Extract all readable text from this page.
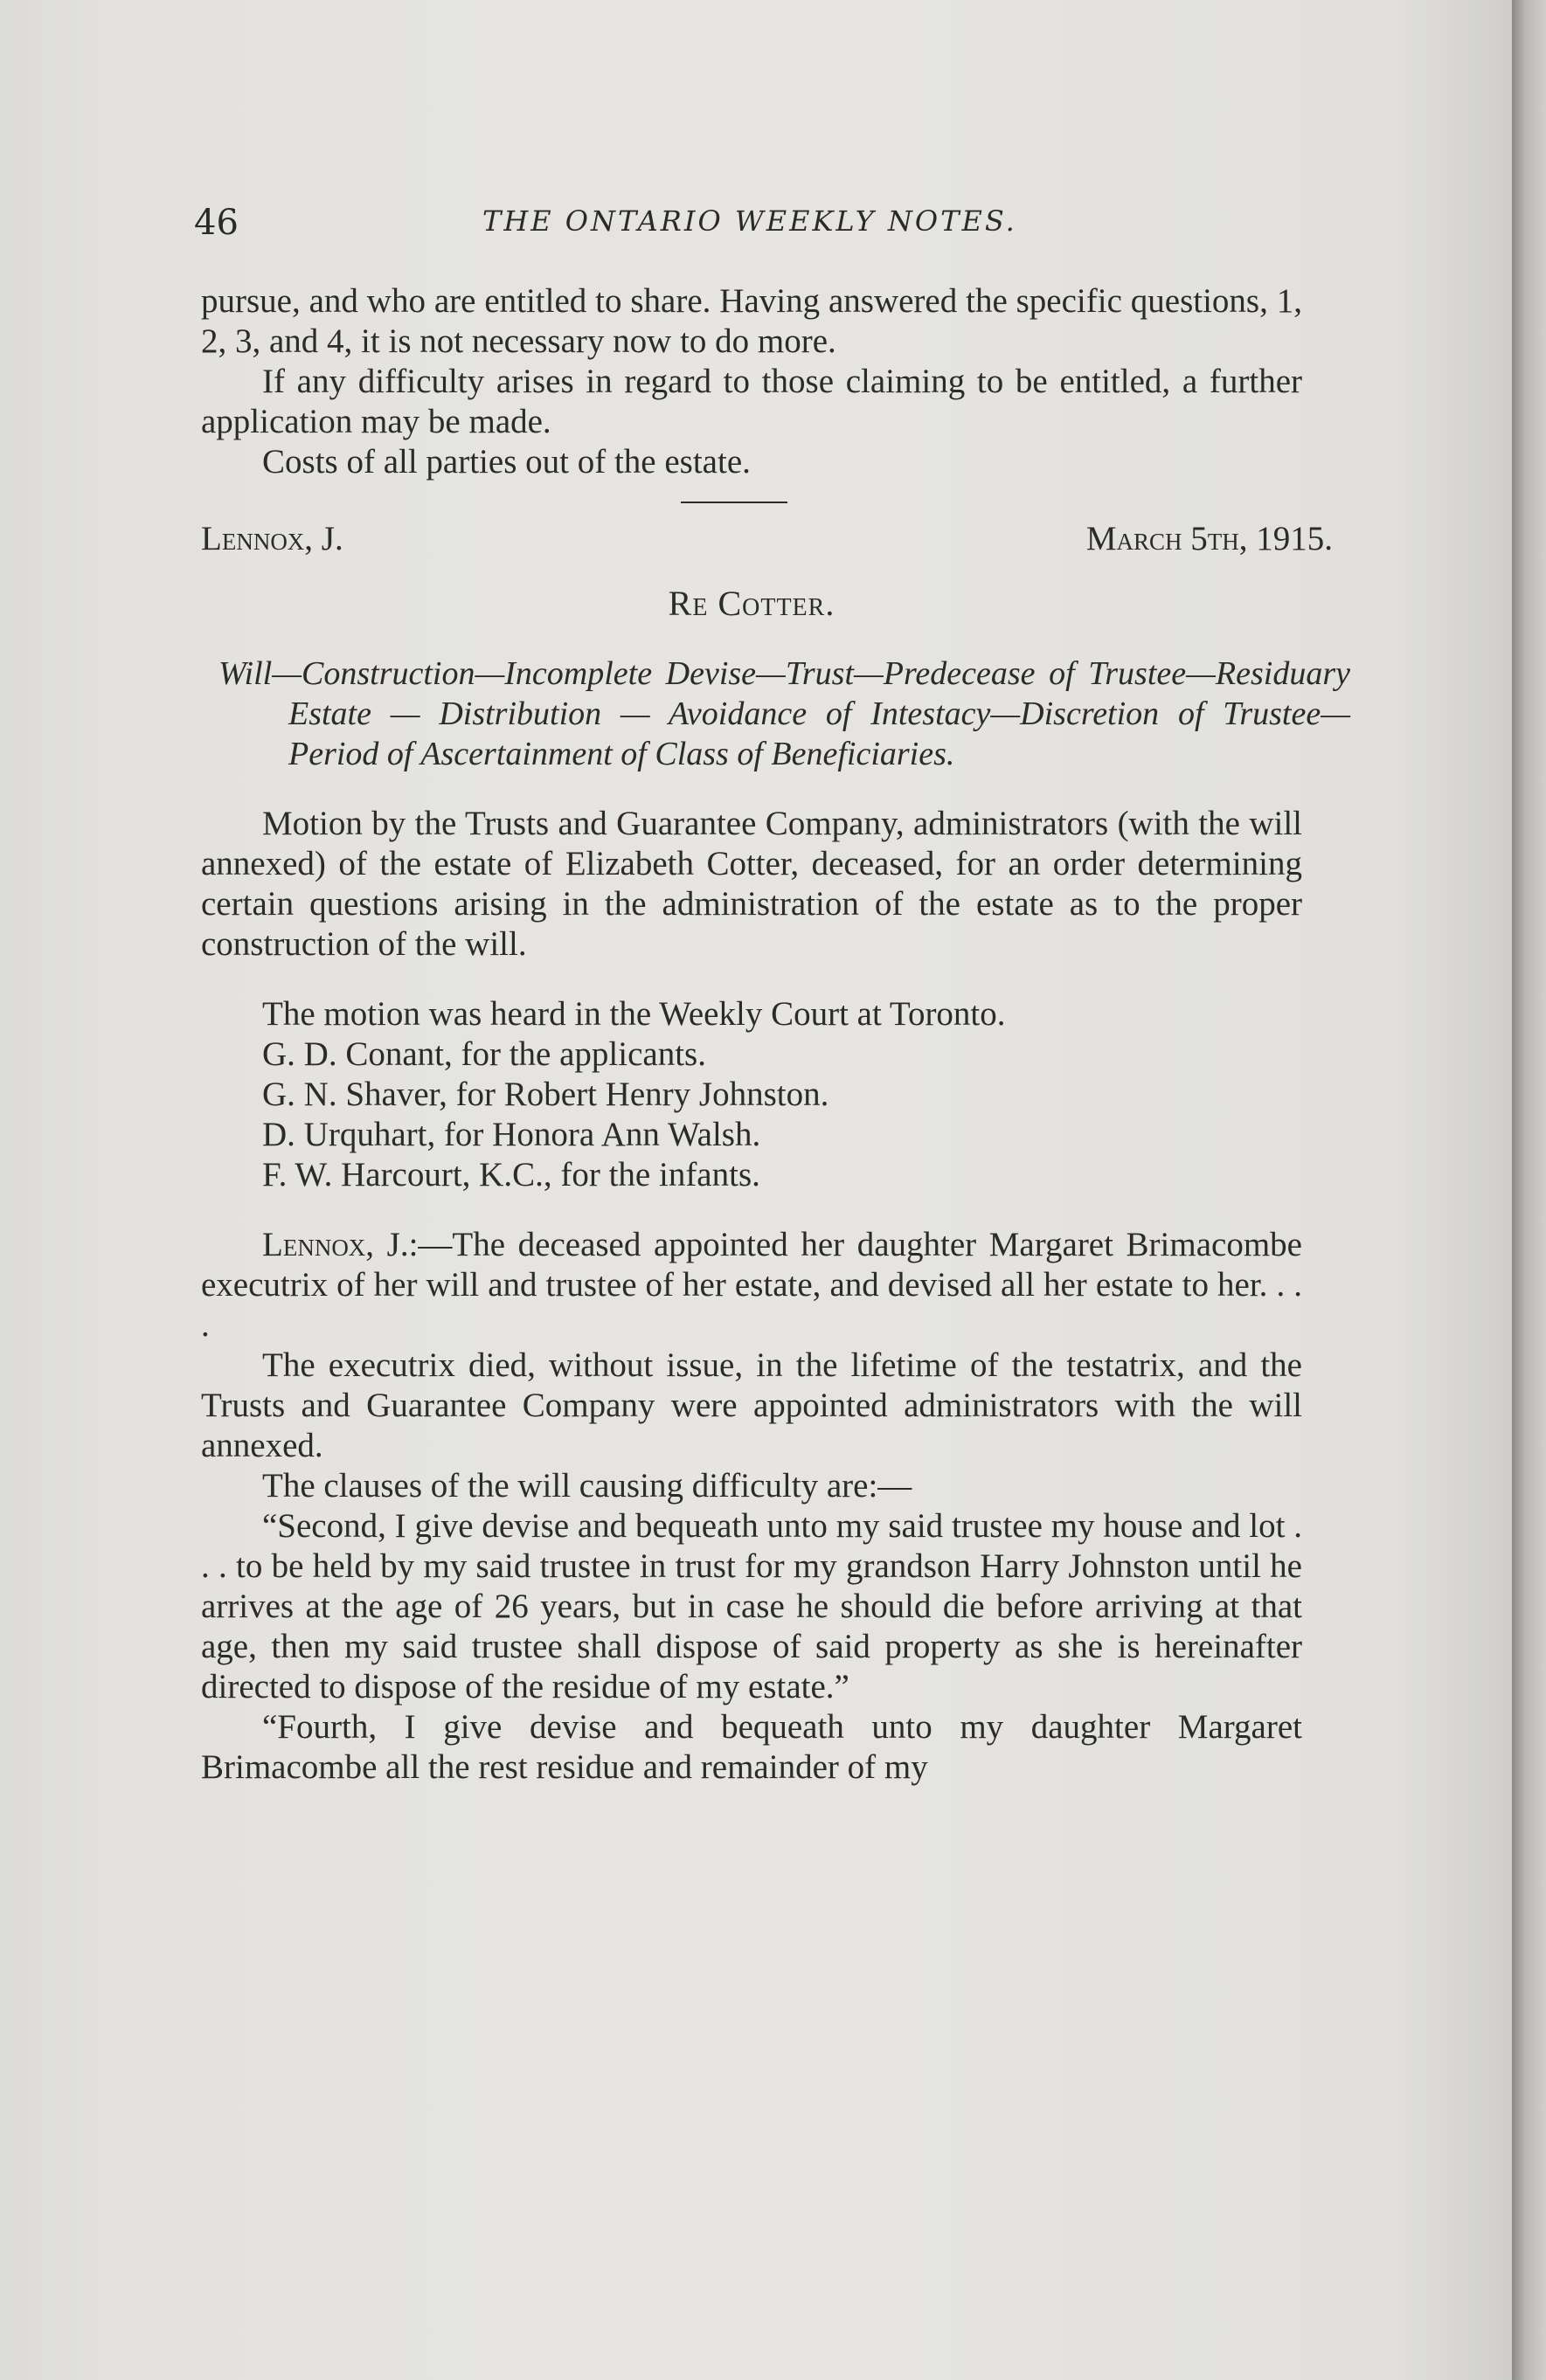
46	THE ONTARIO WEEKLY NOTES.

pursue, and who are entitled to share. Having answered the specific questions, 1, 2, 3, and 4, it is not necessary now to do more.

If any difficulty arises in regard to those claiming to be entitled, a further application may be made.

Costs of all parties out of the estate.

Lennox, J.	March 5th, 1915.
Re Cotter.

Will—Construction—Incomplete Devise—Trust—Predecease of Trustee—Residuary Estate — Distribution — Avoidance of Intestacy—Discretion of Trustee—Period of Ascertainment of Class of Beneficiaries.

Motion by the Trusts and Guarantee Company, administrators (with the will annexed) of the estate of Elizabeth Cotter, deceased, for an order determining certain questions arising in the administration of the estate as to the proper construction of the will.

The motion was heard in the Weekly Court at Toronto.

G. D. Conant, for the applicants.

G. N. Shaver, for Robert Henry Johnston.

D. Urquhart, for Honora Ann Walsh.

F. W. Harcourt, K.C., for the infants.

Lennox, J.:—The deceased appointed her daughter Margaret Brimacombe executrix of her will and trustee of her estate, and devised all her estate to her. . . .

The executrix died, without issue, in the lifetime of the testatrix, and the Trusts and Guarantee Company were appointed administrators with the will annexed.

The clauses of the will causing difficulty are:—

“Second, I give devise and bequeath unto my said trustee my house and lot . . . to be held by my said trustee in trust for my grandson Harry Johnston until he arrives at the age of 26 years, but in case he should die before arriving at that age, then my said trustee shall dispose of said property as she is hereinafter directed to dispose of the residue of my estate.”

“Fourth, I give devise and bequeath unto my daughter Margaret Brimacombe all the rest residue and remainder of my
